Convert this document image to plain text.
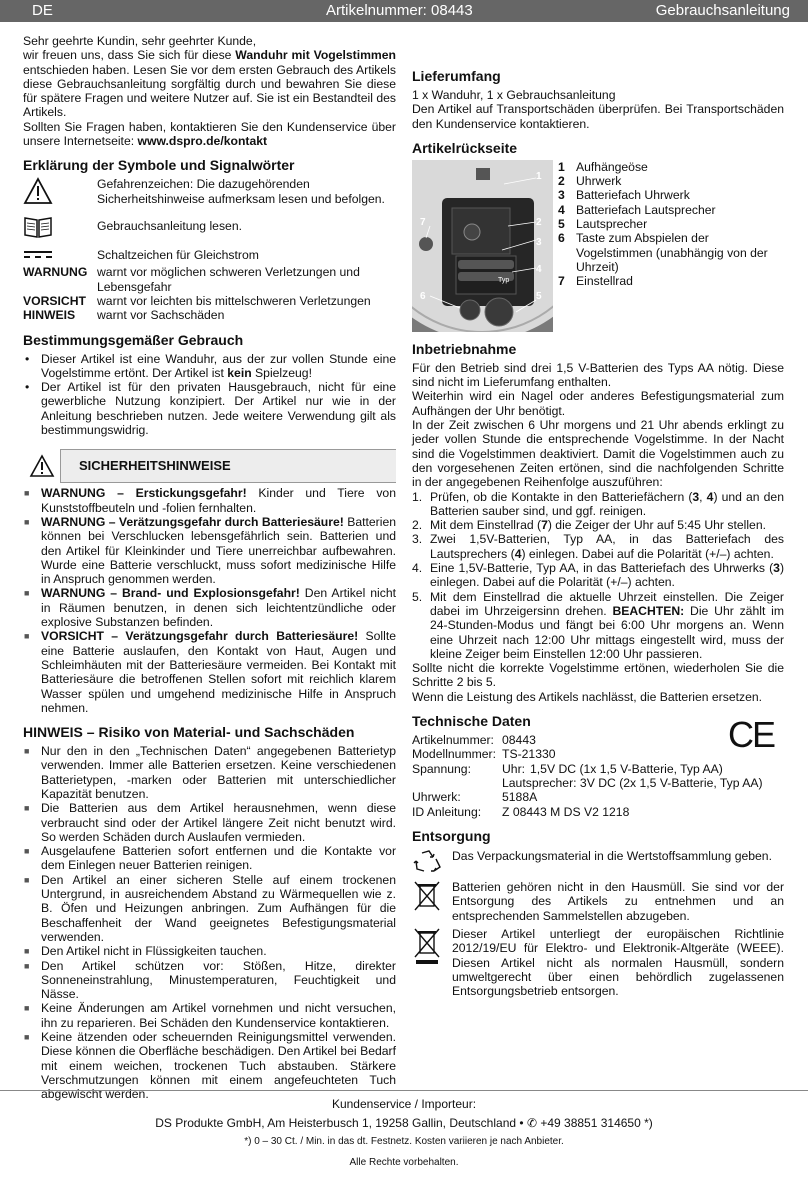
DE	Artikelnummer: 08443	Gebrauchsanleitung

Sehr geehrte Kundin, sehr geehrter Kunde,

wir freuen uns, dass Sie sich für diese Wanduhr mit Vogelstimmen entschieden haben. Lesen Sie vor dem ersten Gebrauch des Artikels diese Gebrauchsanleitung sorgfältig durch und bewahren Sie diese für spätere Fragen und weitere Nutzer auf. Sie ist ein Bestandteil des Artikels.

Sollten Sie Fragen haben, kontaktieren Sie den Kundenservice über unsere Internetseite: www.dspro.de/kontakt

Erklärung der Symbole und Signalwörter
Gefahrenzeichen: Die dazugehörenden Sicherheitshinweise aufmerksam lesen und befolgen.
Gebrauchsanleitung lesen.
Schaltzeichen für Gleichstrom
WARNUNG warnt vor möglichen schweren Verletzungen und Lebensgefahr
VORSICHT warnt vor leichten bis mittelschweren Verletzungen
HINWEIS	warnt vor Sachschäden
Bestimmungsgemäßer Gebrauch
• Dieser Artikel ist eine Wanduhr, aus der zur vollen Stunde eine Vogelstimme ertönt. Der Artikel ist kein Spielzeug!
• Der Artikel ist für den privaten Hausgebrauch, nicht für eine gewerbliche Nutzung konzipiert. Der Artikel nur wie in der Anleitung beschrieben nutzen. Jede weitere Verwendung gilt als bestimmungswidrig.
SICHERHEITSHINWEISE
■ WARNUNG – Erstickungsgefahr! Kinder und Tiere von Kunststoffbeuteln und -folien fernhalten.
■ WARNUNG – Verätzungsgefahr durch Batteriesäure! Batterien können bei Verschlucken lebensgefährlich sein. Batterien und den Artikel für Kleinkinder und Tiere unerreichbar aufbewahren. Wurde eine Batterie verschluckt, muss sofort medizinische Hilfe in Anspruch genommen werden.
■ WARNUNG – Brand- und Explosionsgefahr! Den Artikel nicht in Räumen benutzen, in denen sich leichtentzündliche oder explosive Substanzen befinden.
■ VORSICHT – Verätzungsgefahr durch Batteriesäure! Sollte eine Batterie auslaufen, den Kontakt von Haut, Augen und Schleimhäuten mit der Batteriesäure vermeiden. Bei Kontakt mit Batteriesäure die betroffenen Stellen sofort mit reichlich klarem Wasser spülen und umgehend medizinische Hilfe in Anspruch nehmen.
HINWEIS – Risiko von Material- und Sachschäden
■ Nur den in den „Technischen Daten“ angegebenen Batterietyp verwenden. Immer alle Batterien ersetzen. Keine verschiedenen Batterietypen, -marken oder Batterien mit unterschiedlicher Kapazität benutzen.
■ Die Batterien aus dem Artikel herausnehmen, wenn diese verbraucht sind oder der Artikel längere Zeit nicht benutzt wird. So werden Schäden durch Auslaufen vermieden.
■ Ausgelaufene Batterien sofort entfernen und die Kontakte vor dem Einlegen neuer Batterien reinigen.
■ Den Artikel an einer sicheren Stelle auf einem trockenen Untergrund, in ausreichendem Abstand zu Wärmequellen wie z. B. Öfen und Heizungen anbringen. Zum Aufhängen für die Beschaffenheit der Wand geeignetes Befestigungsmaterial verwenden.
■ Den Artikel nicht in Flüssigkeiten tauchen.
■ Den Artikel schützen vor: Stößen, Hitze, direkter Sonneneinstrahlung, Minustemperaturen, Feuchtigkeit und Nässe.
■ Keine Änderungen am Artikel vornehmen und nicht versuchen, ihn zu reparieren. Bei Schäden den Kundenservice kontaktieren.
■ Keine ätzenden oder scheuernden Reinigungsmittel verwenden. Diese können die Oberfläche beschädigen. Den Artikel bei Bedarf mit einem weichen, trockenen Tuch abstauben. Stärkere Verschmutzungen können mit einem angefeuchteten Tuch abgewischt werden.
Lieferumfang

1 x Wanduhr, 1 x Gebrauchsanleitung

Den Artikel auf Transportschäden überprüfen. Bei Transportschäden den Kundenservice kontaktieren.

Artikelrückseite
1
2
3
4
5
6
7
Typ
1 Aufhängeöse
2 Uhrwerk
3 Batteriefach Uhrwerk
4 Batteriefach Lautsprecher
5 Lautsprecher
6 Taste zum Abspielen der Vogelstimmen (unabhängig von der Uhrzeit)
7 Einstellrad
Inbetriebnahme

Für den Betrieb sind drei 1,5 V-Batterien des Typs AA nötig. Diese sind nicht im Lieferumfang enthalten.

Weiterhin wird ein Nagel oder anderes Befestigungsmaterial zum Aufhängen der Uhr benötigt.

In der Zeit zwischen 6 Uhr morgens und 21 Uhr abends erklingt zu jeder vollen Stunde die entsprechende Vogelstimme. In der Nacht sind die Vogelstimmen deaktiviert. Damit die Vogelstimmen auch zu den vorgesehenen Zeiten ertönen, sind die nachfolgenden Schritte in der angegebenen Reihenfolge auszuführen:

1. Prüfen, ob die Kontakte in den Batteriefächern (3, 4) und an den Batterien sauber sind, und ggf. reinigen.
2. Mit dem Einstellrad (7) die Zeiger der Uhr auf 5:45 Uhr stellen.
3. Zwei 1,5V-Batterien, Typ AA, in das Batteriefach des Lautsprechers (4) einlegen. Dabei auf die Polarität (+/–) achten.
4. Eine 1,5V-Batterie, Typ AA, in das Batteriefach des Uhrwerks (3) einlegen. Dabei auf die Polarität (+/–) achten.
5. Mit dem Einstellrad die aktuelle Uhrzeit einstellen. Die Zeiger dabei im Uhrzeigersinn drehen. BEACHTEN: Die Uhr zählt im 24-Stunden-Modus und fängt bei 6:00 Uhr morgens an. Wenn eine Uhrzeit nach 12:00 Uhr mittags eingestellt wird, muss der kleine Zeiger beim Einstellen 12:00 Uhr passieren.

Sollte nicht die korrekte Vogelstimme ertönen, wiederholen Sie die Schritte 2 bis 5.

Wenn die Leistung des Artikels nachlässt, die Batterien ersetzen.

Technische Daten	CE
Artikelnummer: 08443
Modellnummer: TS-21330
Spannung:	Uhr: 1,5V DC (1x 1,5 V-Batterie, Typ AA)
Lautsprecher: 3V DC (2x 1,5 V-Batterie, Typ AA)
Uhrwerk:	5188A
ID Anleitung:	Z 08443 M DS V2 1218
Entsorgung
Das Verpackungsmaterial in die Wertstoffsammlung geben.
Batterien gehören nicht in den Hausmüll. Sie sind vor der Entsorgung des Artikels zu entnehmen und an entsprechenden Sammelstellen abzugeben.
Dieser Artikel unterliegt der europäischen Richtlinie 2012/19/EU für Elektro- und Elektronik-Altgeräte (WEEE). Diesen Artikel nicht als normalen Hausmüll, sondern umweltgerecht über einen behördlich zugelassenen Entsorgungsbetrieb entsorgen.
Kundenservice / Importeur:
DS Produkte GmbH, Am Heisterbusch 1, 19258 Gallin, Deutschland • ✆ +49 38851 314650 *)
*) 0 – 30 Ct. / Min. in das dt. Festnetz. Kosten variieren je nach Anbieter.
Alle Rechte vorbehalten.
